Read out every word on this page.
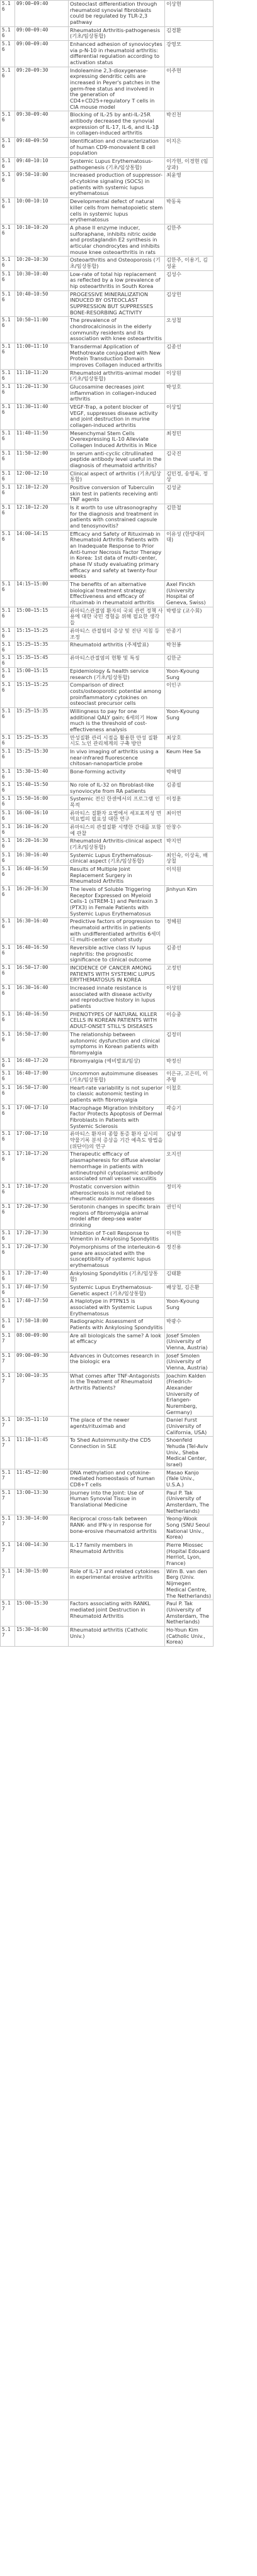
5.16	09:00~09:40	Osteoclast differentiation through rheumatoid synovial fibroblasts could be regulated by TLR-2,3 pathway	이상현
5.16	09:00~09:40	Rheumatoid Arthritis-pathogenesis (기초/임상통합)	김경환
5.16	09:00~09:40	Enhanced adhesion of synoviocytes via p-N-10 in rheumatoid arthritis: differential regulation according to activation status	강영모
5.16	09:20~09:30	Indoleamine 2,3-dioxygenase-expressing dendritic cells are increased in Peyer's patches in the germ-free status and involved in the generation of CD4+CD25+regulatory T cells in CIA mouse model	이주현
5.16	09:30~09:40	Blocking of IL-25 by anti-IL-25R antibody decreased the synovial expression of IL-17, IL-6, and IL-1β in collagen-induced arthritis	박진천
5.16	09:40~09:50	Identification and characterization of human CD9-monovalent B cell population	이지은
5.16	09:40~10:10	Systemic Lupus Erythematosus-pathogenesis (기초/임상통합)	이가현, 이경현 (임상과)
5.16	09:50~10:00	Increased production of suppressor-of-cytokine signaling (SOCS) in patients with systemic lupus erythematosus	최윤영
5.16	10:00~10:10	Developmental defect of natural killer cells from hematopoietic stem cells in systemic lupus erythematosus	박동욱
5.16	10:10~10:20	A phase II enzyme inducer, sulforaphane, inhibits nitric oxide and prostaglandin E2 synthesis in articular chondrocytes and inhibits mouse knee osteoarthritis in rats	김한주
5.16	10:20~10:30	Osteoarthritis and Osteoporosis (기초/임상통합)	김한주, 이용기, 김성윤
5.16	10:30~10:40	Low-rate of total hip replacement as reflected by a low prevalence of hip osteoarthritis in South Korea	김성수
5.16	10:40~10:50	PROGESSIVE MINERALIZATION INDUCED BY OSTEOCLAST SUPPRESSION BUT SUPPRESSES BONE-RESORBING ACTIVITY	김상헌
5.16	10:50~11:00	The prevalence of chondrocalcinosis in the elderly community residents and its association with knee osteoarthritis	오성철
5.16	11:00~11:10	Transdermal Application of Methotrexate conjugated with New Protein Transduction Domain improves Collagen induced arthritis	김종선
5.16	11:10~11:20	Rheumatoid arthritis-animal model (기초/임상통합)	이상원
5.16	11:20~11:30	Glucosamine decreases joint inflammation in collagen-induced arthritis	박성호
5.16	11:30~11:40	VEGF-Trap, a potent blocker of VEGF, suppresses disease activity and joint destruction in murine collagen-induced arthritis	이상일
5.16	11:40~11:50	Mesenchymal Stem Cells Overexpressing IL-10 Alleviate Collagen Induced Arthritis in Mice	최정민
5.16	11:50~12:00	In serum anti-cyclic citrullinated peptide antibody level useful in the diagnosis of rheumatoid arthritis?	김국진
5.16	12:00~12:10	Clinical aspect of arthritis (기초/임상통합)	김민경, 송영욱, 정상
5.16	12:10~12:20	Positive conversion of Tuberculin skin test in patients receiving anti TNF agents	김성균
5.16	12:10~12:20	Is it worth to use ultrasonography for the diagnosis and treatment in patients with constrained capsule and tenosynovitis?	김한철
5.16	14:00~14:15	Efficacy and Safety of Rituximab in Rheumatoid Arthritis Patients with an Inadequate Response to Prior Anti-tumor Necrosis Factor Therapy in Korea: 1st data of multi-center, phase IV study evaluating primary efficacy and safety at twenty-four weeks	이유성 (한양대의대)
5.16	14:15~15:00	The benefits of an alternative biological treatment strategy: Effectiveness and efficacy of rituximab in rheumatoid arthritis	Axel Finckh (University Hospital of Geneva, Swiss)
5.16	15:00~15:15	류마티스관절염 환자의 국외 관련 정책 사용에 대한 국민 경험을 위해 필요한 생각들	박병삼 (교수회)
5.16	15:15~15:25	류마티스 관절염의 증상 및 진단 지침 등 조정	안종기
5.16	15:25~15:35	Rheumatoid arthritis (주제발표)	박천봉
5.16	15:35~15:45	류마티스관절염의 현황 및 특징	김한군
5.16	15:00~15:15	Epidemiology & health service research (기초/임상통합)	Yoon-Kyoung Sung
5.16	15:15~15:25	Comparison of direct costs/osteoporotic potential among proinflammatory cytokines on osteoclast precursor cells	이인구
5.16	15:25~15:35	Willingness to pay for one additional QALY gain; 6세의기 How much is the threshold of cost-effectiveness analysis	Yoon-Kyoung Sung
5.16	15:25~15:35	만성질환 관리 시점을 활용한 만성 질환 시도 노인 관리체계의 구축 방안	최상호
5.16	15:25~15:30	In vivo imaging of arthritis using a near-infrared fluorescence chitosan-nanoparticle probe	Keum Hee Sa
5.16	15:30~15:40	Bone-forming activity	박해영
5.16	15:40~15:50	No role of IL-32 on fibroblast-like synoviocyte from RA patients	김종필
5.16	15:50~16:00	Systemic 전신 한센에서의 프로그램 인 목적	이정훈
5.16	16:00~16:10	류마티스 질환자 요법에서 세포표적성 면역요법의 필요성 대한 연구	최이연
5.16	16:10~16:20	류마티스의 관절질환 시행한 간대를 포함 예 관찰	안창수
5.16	16:20~16:30	Rheumatoid Arthritis-clinical aspect (기초/임상통합)	박지연
5.16	16:30~16:40	Systemic Lupus Erythematosus-clinical aspect (기초/임상통합)	최인숙, 이상욱, 배상철
5.16	16:40~16:50	Results of Multiple Joint Replacement Surgery in Rheumatoid Arthritis	이석원
5.16	16:20~16:30	The levels of Soluble Triggering Receptor Expressed on Myeloid Cells-1 (sTREM-1) and Pentraxin 3 (PTX3) in Female Patients with Systemic Lupus Erythematosus	Jinhyun Kim
5.16	16:30~16:40	Predictive factors of progression to rheumatoid arthritis in patients with undifferentiated arthritis 6세미디 multi-center cohort study	정혜원
5.16	16:40~16:50	Reversible active class IV lupus nephritis: the prognostic significance to clinical outcome	김종선
5.16	16:50~17:00	INCIDENCE OF CANCER AMONG PATIENTS WITH SYSTEMIC LUPUS ERYTHEMATOSUS IN KOREA	고정민
5.16	16:30~16:40	Increased innate resistance is associated with disease activity and reproductive history in lupus patients	이상원
5.16	16:40~16:50	PHENOTYPES OF NATURAL KILLER CELLS IN KOREAN PATIENTS WITH ADULT-ONSET STILL'S DISEASES	이승중
5.16	16:50~17:00	The relationship between autonomic dysfunction and clinical symptoms in Korean patients with fibromyalgia	김정미
5.16	16:40~17:20	Fibromyalgia (예비발표/임상)	박정신
5.16	16:40~17:00	Uncommon autoimmune diseases (기초/임상통합)	이은규, 고은미, 이주형
5.16	16:50~17:00	Heart-rate variability is not superior to classic autonomic testing in patients with fibromyalgia	이철호
5.16	17:00~17:10	Macrophage Migration Inhibitory Factor Protects Apoptosis of Dermal Fibroblasts in Patients with Systemic Sclerosis	곽승기
5.16	17:00~17:10	류마티스 환자의 종합 통증 환자 실시의 약물기록 분석 증상을 기간 예측도 방법을 (위단이)의 연구	김남정
5.16	17:10~17:20	Therapeutic efficacy of plasmapheresis for diffuse alveolar hemorrhage in patients with antineutrophil cytoplasmic antibody associated small vessel vasculitis	오지선
5.16	17:10~17:20	Prostatic conversion within atherosclerosis is not related to rheumatic autoimmune diseases	정미자
5.16	17:20~17:30	Serotonin changes in specific brain regions of fibromyalgia animal model after deep-sea water drinking	권인식
5.16	17:20~17:30	Inhibition of T-cell Response to Vimentin in Ankylosing Spondylitis	이석한
5.16	17:20~17:30	Polymorphisms of the interleukin-6 gene are associated with the susceptibility of systemic lupus erythematosus	정진용
5.16	17:20~17:40	Ankylosing Spondylitis (기초/임상통합)	김태환
5.16	17:40~17:50	Systemic Lupus Erythematosus-Genetic aspect (기초/임상통합)	배상철, 김은환
5.16	17:40~17:50	A Haplotype in PTPN15 is associated with Systemic Lupus Erythematosus	Yoon-Kyoung Sung
5.16	17:50~18:00	Radiographic Assessment of Patients with Ankylosing Spondylitis	박광수
5.17	08:00~09:00	Are all biologicals the same? A look at efficacy	Josef Smolen (University of Vienna, Austria)
5.17	09:00~09:30	Advances in Outcomes research in the biologic era	Josef Smolen (University of Vienna, Austria)
5.17	10:00~10:35	What comes after TNF-Antagonists in the Treatment of Rheumatoid Arthritis Patients?	Joachim Kalden (Friedrich-Alexander University of Erlangen-Nuremberg, Germany)
5.17	10:35~11:10	The place of the newer agents/rituximab and	Daniel Furst (University of California, USA)
5.17	11:10~11:45	To Shed Autoimmunity-the CD5 Connection in SLE	Shoenfeld Yehuda (Tel-Aviv Univ., Sheba Medical Center, Israel)
5.17	11:45~12:00	DNA methylation and cytokine-mediated homeostasis of human CD8+T cells	Masao Kanjo (Yale Univ., U.S.A.)
5.17	13:00~13:30	Journey into the Joint: Use of Human Synovial Tissue in Translational Medicine	Paul P. Tak (University of Amsterdam, The Netherlands)
5.17	13:30~14:00	Reciprocal cross-talk between RANK- and IFN-γ in response for bone-erosive rheumatoid arthritis	Yeong-Wook Song (SNU Seoul National Univ., Korea)
5.17	14:00~14:30	IL-17 family members in Rheumatoid Arthritis	Pierre Miossec (Hopital Edouard Herriot, Lyon, France)
5.17	14:30~15:00	Role of IL-17 and related cytokines in experimental erosive arthritis	Wim B. van den Berg (Univ. Nijmegen Medical Centre, The Netherlands)
5.17	15:00~15:30	Factors associating with RANKL mediated joint Destruction in Rheumatoid Arthritis	Paul P. Tak (University of Amsterdam, The Netherlands)
5.17	15:30~16:00	Rheumatoid arthritis (Catholic Univ.)	Ho-Youn Kim (Catholic Univ., Korea)
